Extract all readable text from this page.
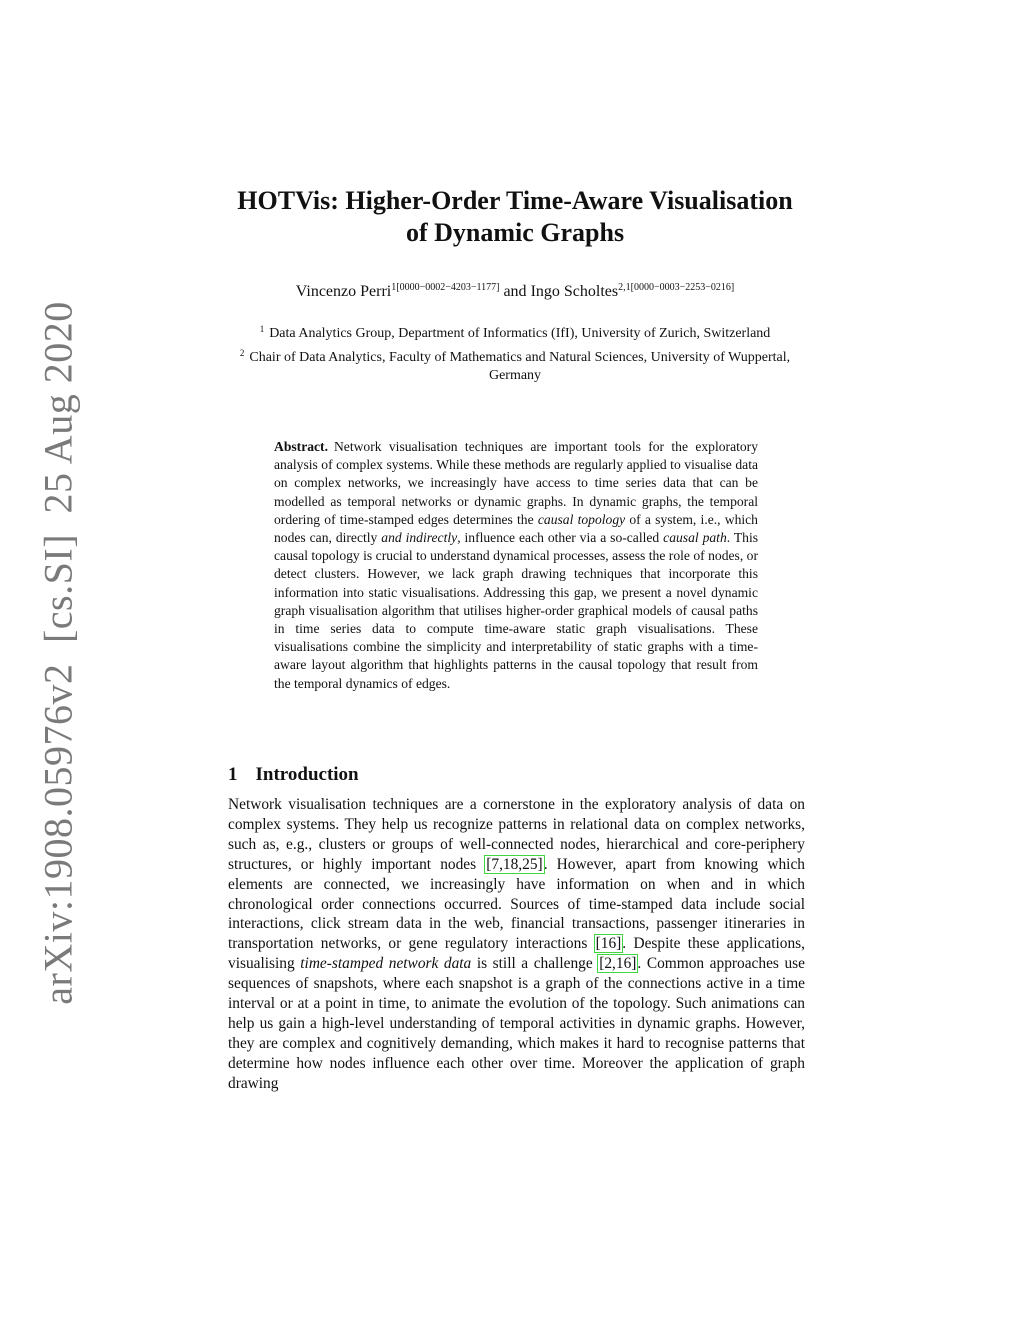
arXiv:1908.05976v2 [cs.SI] 25 Aug 2020
HOTVis: Higher-Order Time-Aware Visualisation
of Dynamic Graphs
Vincenzo Perri$^{1[0000-0002-4203-1177]}$ and Ingo Scholtes$^{2,1[0000-0003-2253-0216]}$

$^1$ Data Analytics Group, Department of Informatics (IfI), University of Zurich, Switzerland

$^2$ Chair of Data Analytics, Faculty of Mathematics and Natural Sciences, University of Wuppertal, Germany

Abstract. Network visualisation techniques are important tools for the exploratory analysis of complex systems. While these methods are regularly applied to visualise data on complex networks, we increasingly have access to time series data that can be modelled as temporal networks or dynamic graphs. In dynamic graphs, the temporal ordering of time-stamped edges determines the causal topology of a system, i.e., which nodes can, directly and indirectly, influence each other via a so-called causal path. This causal topology is crucial to understand dynamical processes, assess the role of nodes, or detect clusters. However, we lack graph drawing techniques that incorporate this information into static visualisations. Addressing this gap, we present a novel dynamic graph visualisation algorithm that utilises higher-order graphical models of causal paths in time series data to compute time-aware static graph visualisations. These visualisations combine the simplicity and interpretability of static graphs with a time-aware layout algorithm that highlights patterns in the causal topology that result from the temporal dynamics of edges.
1 Introduction
Network visualisation techniques are a cornerstone in the exploratory analysis of data on complex systems. They help us recognize patterns in relational data on complex networks, such as, e.g., clusters or groups of well-connected nodes, hierarchical and core-periphery structures, or highly important nodes [7,18,25]. However, apart from knowing which elements are connected, we increasingly have information on when and in which chronological order connections occurred. Sources of time-stamped data include social interactions, click stream data in the web, financial transactions, passenger itineraries in transportation networks, or gene regulatory interactions [16]. Despite these applications, visualising time-stamped network data is still a challenge [2,16]. Common approaches use sequences of snapshots, where each snapshot is a graph of the connections active in a time interval or at a point in time, to animate the evolution of the topology. Such animations can help us gain a high-level understanding of temporal activities in dynamic graphs. However, they are complex and cognitively demanding, which makes it hard to recognise patterns that determine how nodes influence each other over time. Moreover the application of graph drawing
